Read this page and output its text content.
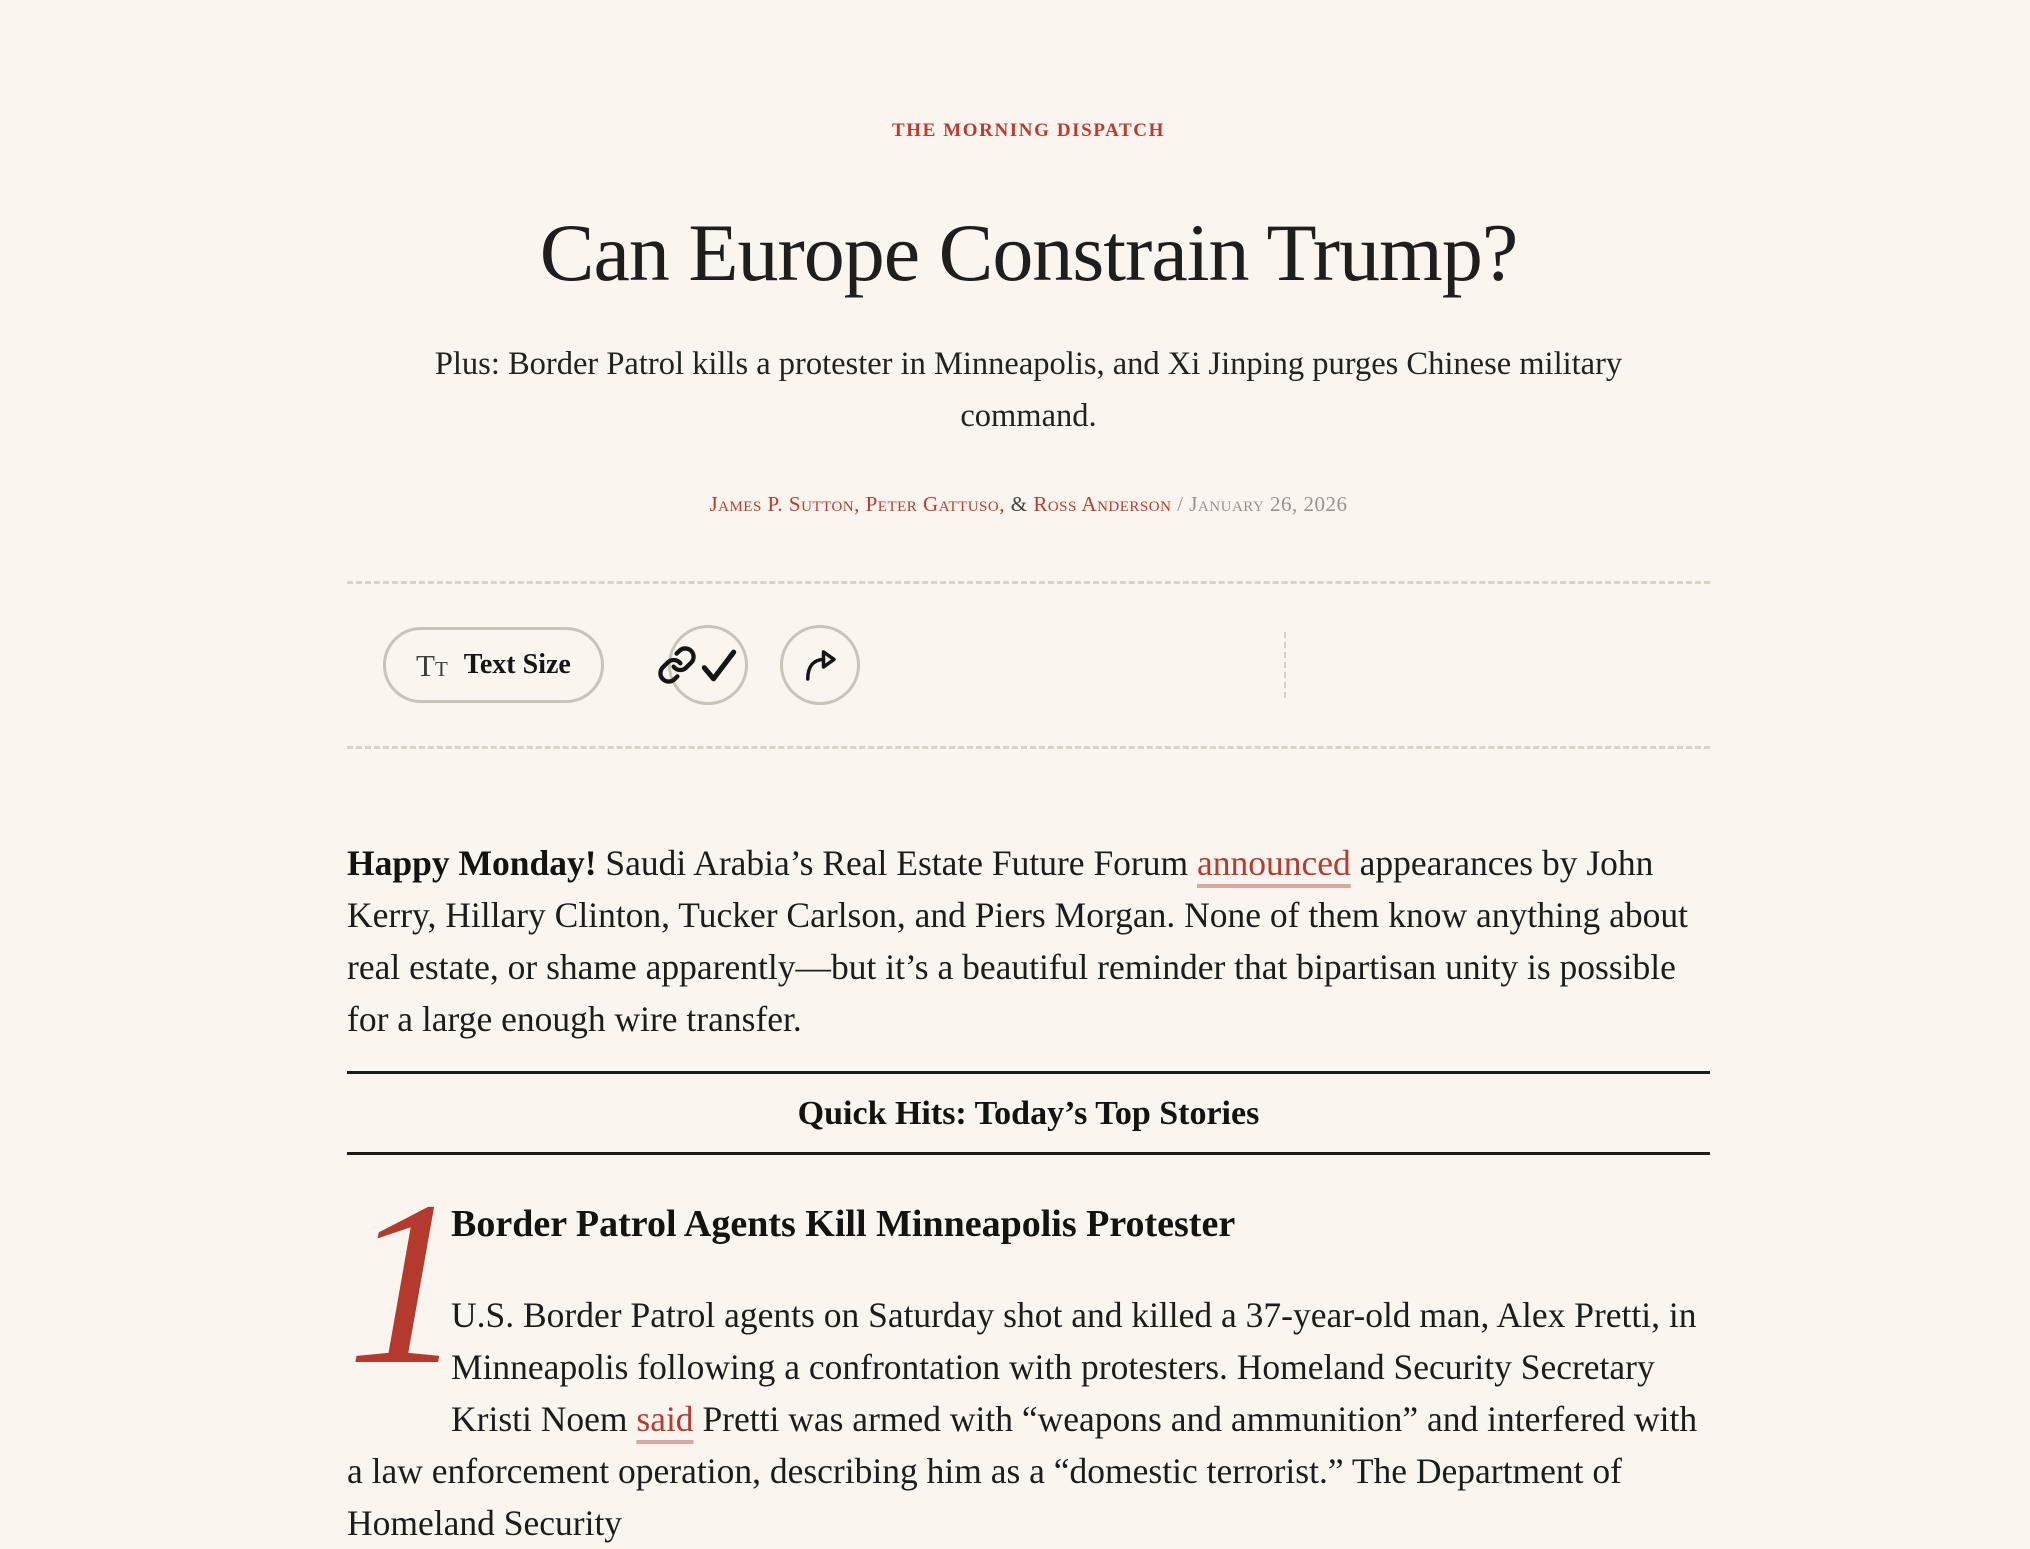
THE MORNING DISPATCH
Can Europe Constrain Trump?

Plus: Border Patrol kills a protester in Minneapolis, and Xi Jinping purges Chinese military command.

James P. Sutton, Peter Gattuso, & Ross Anderson / January 26, 2026
TT Text Size

Happy Monday! Saudi Arabia’s Real Estate Future Forum announced appearances by John Kerry, Hillary Clinton, Tucker Carlson, and Piers Morgan. None of them know anything about real estate, or shame apparently—but it’s a beautiful reminder that bipartisan unity is possible for a large enough wire transfer.

Quick Hits: Today’s Top Stories
1
Border Patrol Agents Kill Minneapolis Protester

U.S. Border Patrol agents on Saturday shot and killed a 37-year-old man, Alex Pretti, in Minneapolis following a confrontation with protesters. Homeland Security Secretary Kristi Noem said Pretti was armed with “weapons and ammunition” and interfered with a law enforcement operation, describing him as a “domestic terrorist.” The Department of Homeland Security
